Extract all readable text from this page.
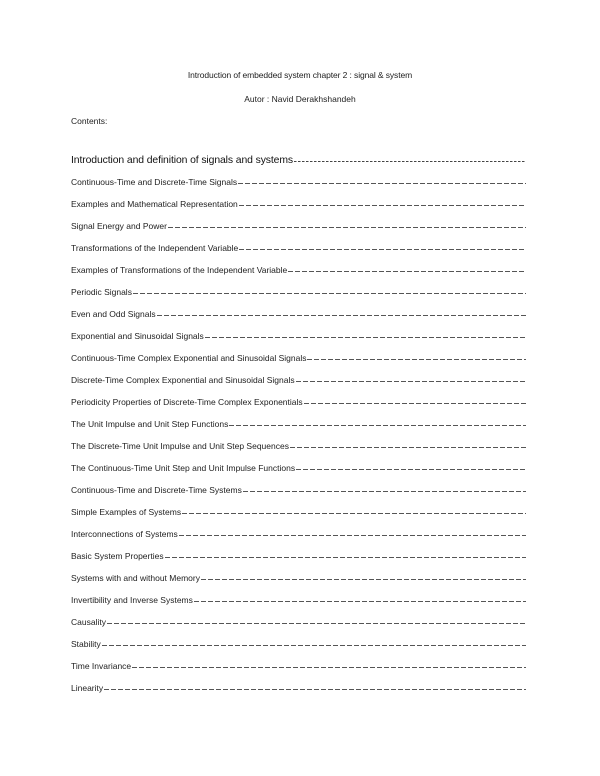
Introduction of embedded system chapter 2 : signal & system
Autor : Navid Derakhshandeh
Contents:
Introduction and definition of signals and systems
Continuous-Time and Discrete-Time Signals
Examples and Mathematical Representation
Signal Energy and Power
Transformations of the Independent Variable
Examples of Transformations of the Independent Variable
Periodic Signals
Even and Odd Signals
Exponential and Sinusoidal Signals
Continuous-Time Complex Exponential and Sinusoidal Signals
Discrete-Time Complex Exponential and Sinusoidal Signals
Periodicity Properties of Discrete-Time Complex Exponentials
The Unit Impulse and Unit Step Functions
The Discrete-Time Unit Impulse and Unit Step Sequences
The Continuous-Time Unit Step and Unit Impulse Functions
Continuous-Time and Discrete-Time Systems
Simple Examples of Systems
Interconnections of Systems
Basic System Properties
Systems with and without Memory
Invertibility and Inverse Systems
Causality
Stability
Time Invariance
Linearity
